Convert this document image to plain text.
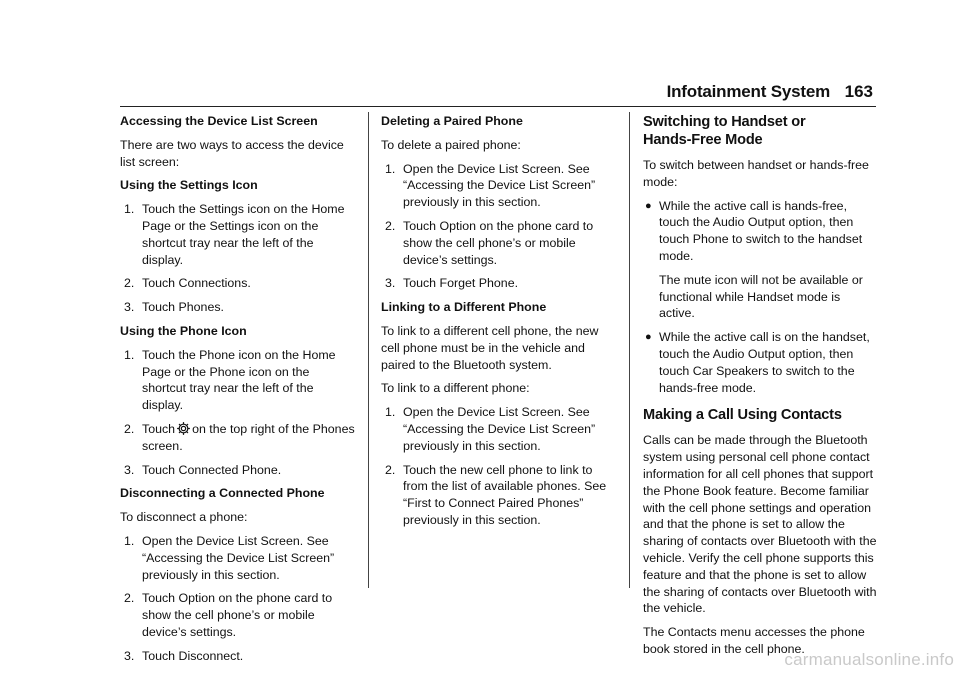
Infotainment System 163
Accessing the Device List Screen
There are two ways to access the device list screen:
Using the Settings Icon
1. Touch the Settings icon on the Home Page or the Settings icon on the shortcut tray near the left of the display.
2. Touch Connections.
3. Touch Phones.
Using the Phone Icon
1. Touch the Phone icon on the Home Page or the Phone icon on the shortcut tray near the left of the display.
2. Touch on the top right of the Phones screen.
3. Touch Connected Phone.
Disconnecting a Connected Phone
To disconnect a phone:
1. Open the Device List Screen. See “Accessing the Device List Screen” previously in this section.
2. Touch Option on the phone card to show the cell phone’s or mobile device’s settings.
3. Touch Disconnect.
Deleting a Paired Phone
To delete a paired phone:
1. Open the Device List Screen. See “Accessing the Device List Screen” previously in this section.
2. Touch Option on the phone card to show the cell phone’s or mobile device’s settings.
3. Touch Forget Phone.
Linking to a Different Phone
To link to a different cell phone, the new cell phone must be in the vehicle and paired to the Bluetooth system.
To link to a different phone:
1. Open the Device List Screen. See “Accessing the Device List Screen” previously in this section.
2. Touch the new cell phone to link to from the list of available phones. See “First to Connect Paired Phones” previously in this section.
Switching to Handset or
Hands-Free Mode
To switch between handset or hands-free mode:
● While the active call is hands-free, touch the Audio Output option, then touch Phone to switch to the handset mode.
The mute icon will not be available or functional while Handset mode is active.
● While the active call is on the handset, touch the Audio Output option, then touch Car Speakers to switch to the hands-free mode.
Making a Call Using Contacts
Calls can be made through the Bluetooth system using personal cell phone contact information for all cell phones that support the Phone Book feature. Become familiar with the cell phone settings and operation and that the phone is set to allow the sharing of contacts over Bluetooth with the vehicle. Verify the cell phone supports this feature and that the phone is set to allow the sharing of contacts over Bluetooth with the vehicle.
The Contacts menu accesses the phone book stored in the cell phone.
carmanualsonline.info
